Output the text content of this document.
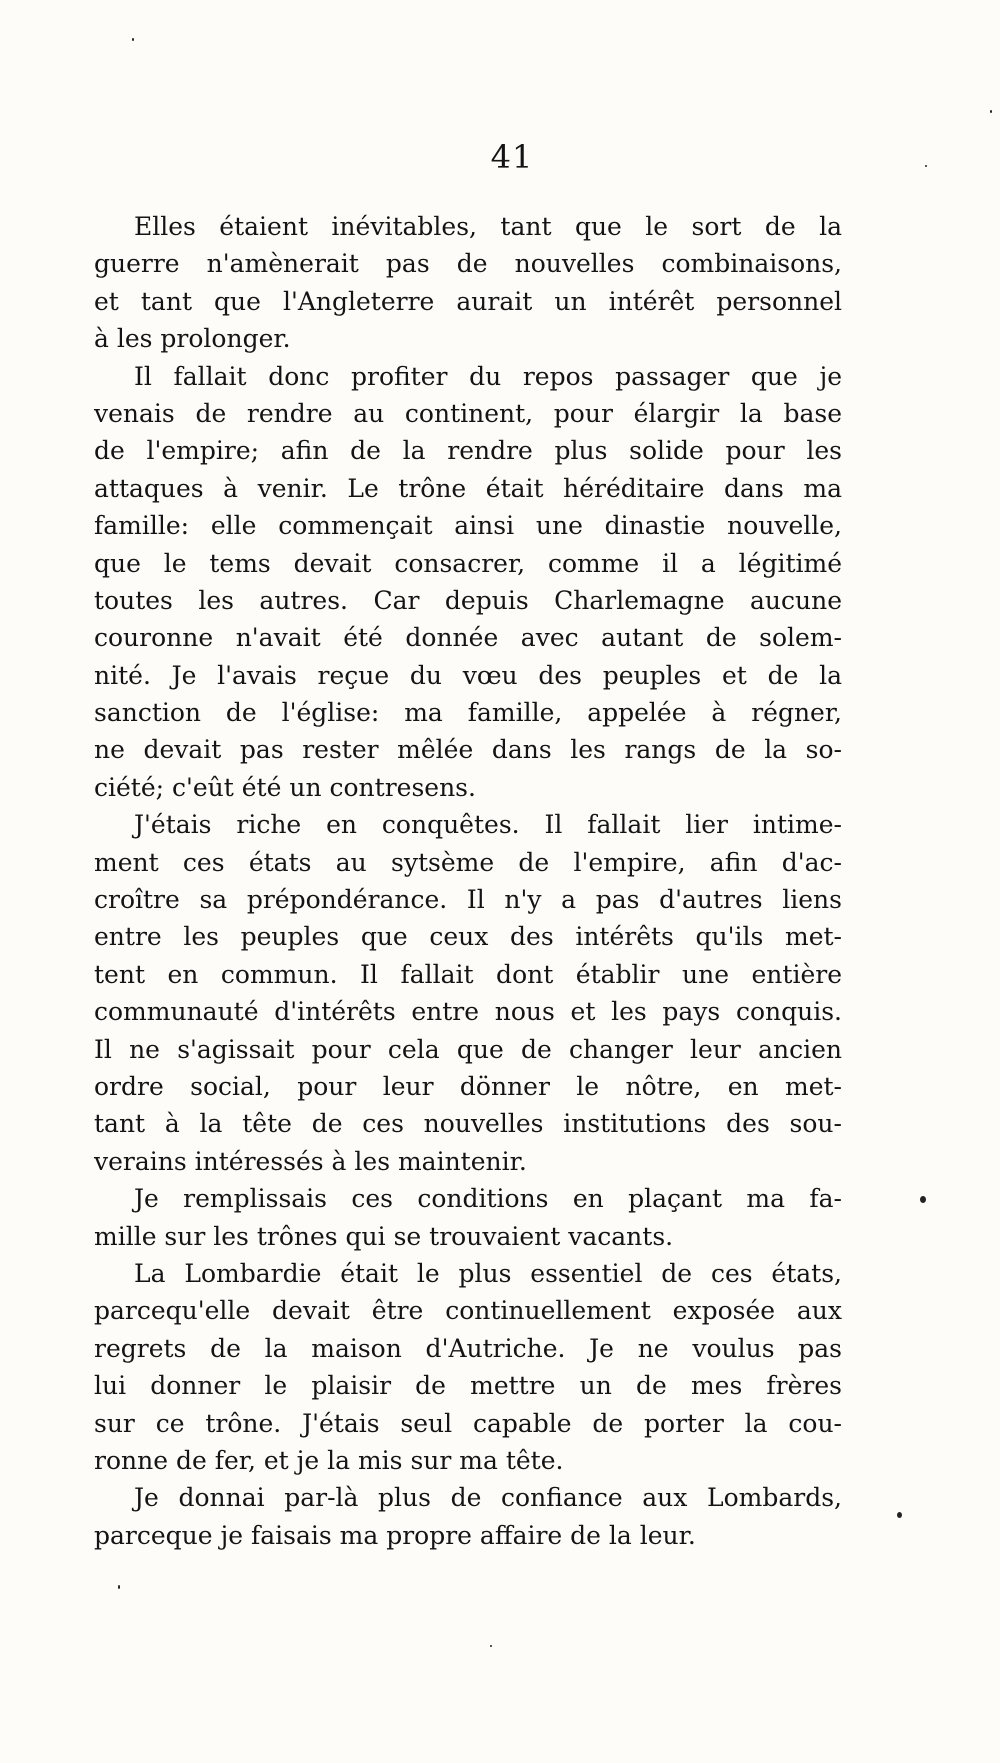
41
Elles étaient inévitables, tant que le sort de la
guerre n'amènerait pas de nouvelles combinaisons,
et tant que l'Angleterre aurait un intérêt personnel
à les prolonger.
Il fallait donc profiter du repos passager que je
venais de rendre au continent, pour élargir la base
de l'empire; afin de la rendre plus solide pour les
attaques à venir. Le trône était héréditaire dans ma
famille: elle commençait ainsi une dinastie nouvelle,
que le tems devait consacrer, comme il a légitimé
toutes les autres. Car depuis Charlemagne aucune
couronne n'avait été donnée avec autant de solem-
nité. Je l'avais reçue du vœu des peuples et de la
sanction de l'église: ma famille, appelée à régner,
ne devait pas rester mêlée dans les rangs de la so-
ciété; c'eût été un contresens.
J'étais riche en conquêtes. Il fallait lier intime-
ment ces états au sytsème de l'empire, afin d'ac-
croître sa prépondérance. Il n'y a pas d'autres liens
entre les peuples que ceux des intérêts qu'ils met-
tent en commun. Il fallait dont établir une entière
communauté d'intérêts entre nous et les pays conquis.
Il ne s'agissait pour cela que de changer leur ancien
ordre social, pour leur dönner le nôtre, en met-
tant à la tête de ces nouvelles institutions des sou-
verains intéressés à les maintenir.
Je remplissais ces conditions en plaçant ma fa-
mille sur les trônes qui se trouvaient vacants.
La Lombardie était le plus essentiel de ces états,
parcequ'elle devait être continuellement exposée aux
regrets de la maison d'Autriche. Je ne voulus pas
lui donner le plaisir de mettre un de mes frères
sur ce trône. J'étais seul capable de porter la cou-
ronne de fer, et je la mis sur ma tête.
Je donnai par-là plus de confiance aux Lombards,
parceque je faisais ma propre affaire de la leur.
